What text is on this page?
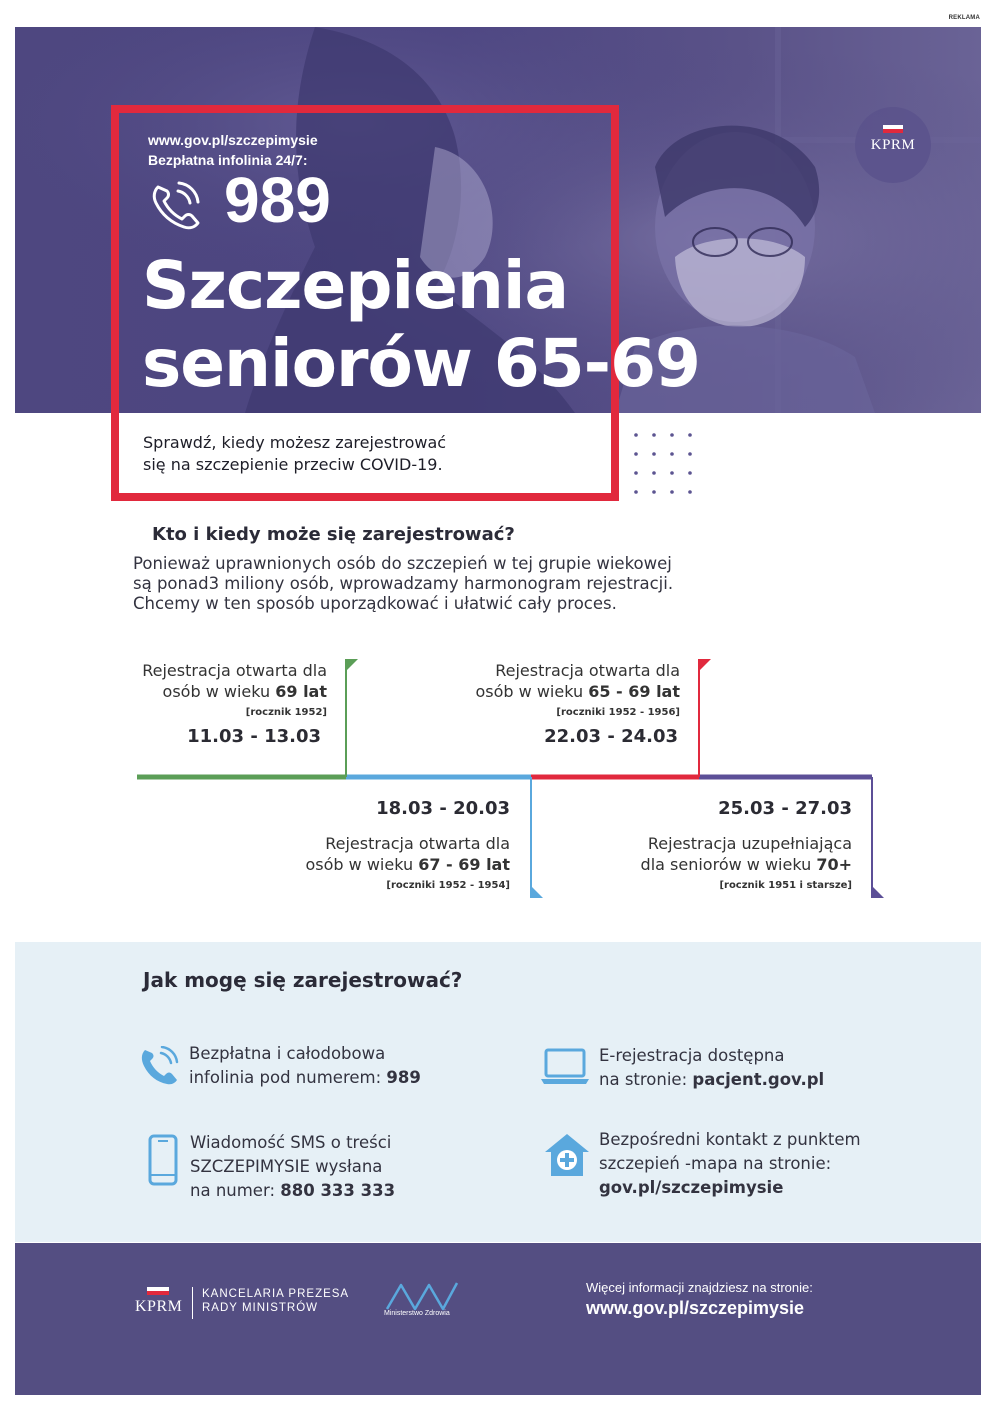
REKLAMA
KPRM
www.gov.pl/szczepimysie
Bezpłatna infolinia 24/7:
989
Szczepienia
seniorów 65-69
Sprawdź, kiedy możesz zarejestrować
się na szczepienie przeciw COVID-19.
Kto i kiedy może się zarejestrować?
Ponieważ uprawnionych osób do szczepień w tej grupie wiekowej
są ponad3 miliony osób, wprowadzamy harmonogram rejestracji.
Chcemy w ten sposób uporządkować i ułatwić cały proces.
Rejestracja otwarta dla
osób w wieku 69 lat
[rocznik 1952]
11.03 - 13.03
Rejestracja otwarta dla
osób w wieku 65 - 69 lat
[roczniki 1952 - 1956]
22.03 - 24.03
18.03 - 20.03
Rejestracja otwarta dla
osób w wieku 67 - 69 lat
[roczniki 1952 - 1954]
25.03 - 27.03
Rejestracja uzupełniająca
dla seniorów w wieku 70+
[rocznik 1951 i starsze]
Jak mogę się zarejestrować?
Bezpłatna i całodobowa
infolinia pod numerem: 989
E-rejestracja dostępna
na stronie: pacjent.gov.pl
Wiadomość SMS o treści
SZCZEPIMYSIE wysłana
na numer: 880 333 333
Bezpośredni kontakt z punktem
szczepień -mapa na stronie:
gov.pl/szczepimysie
KPRM
KANCELARIA PREZESA
RADY MINISTRÓW	Ministerstwo Zdrowia
Więcej informacji znajdziesz na stronie:
www.gov.pl/szczepimysie
